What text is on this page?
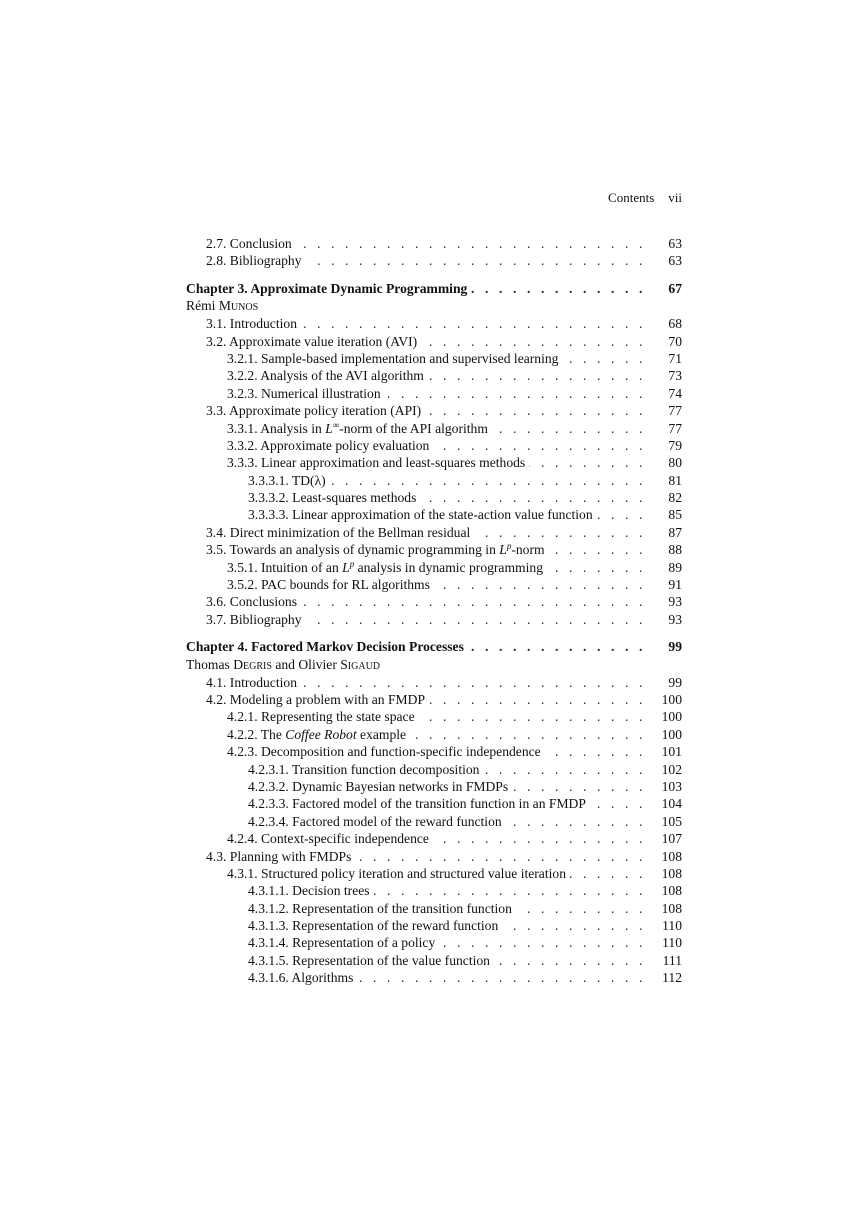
Contents vii
2.7. Conclusion . . .	63
2.8. Bibliography . . .	63
Chapter 3. Approximate Dynamic Programming . . .	67
Rémi Munos
3.1. Introduction . . .	68
3.2. Approximate value iteration (AVI) . . .	70
3.2.1. Sample-based implementation and supervised learning . . .	71
3.2.2. Analysis of the AVI algorithm . . .	73
3.2.3. Numerical illustration . . .	74
3.3. Approximate policy iteration (API) . . .	77
3.3.1. Analysis in L∞-norm of the API algorithm . . .	77
3.3.2. Approximate policy evaluation . . .	79
3.3.3. Linear approximation and least-squares methods . . .	80
3.3.3.1. TD(λ) . . .	81
3.3.3.2. Least-squares methods . . .	82
3.3.3.3. Linear approximation of the state-action value function . . .	85
3.4. Direct minimization of the Bellman residual . . .	87
3.5. Towards an analysis of dynamic programming in $L^p$-norm . . .	88
3.5.1. Intuition of an $L^p$ analysis in dynamic programming . . .	89
3.5.2. PAC bounds for RL algorithms . . .	91
3.6. Conclusions . . .	93
3.7. Bibliography . . .	93
Chapter 4. Factored Markov Decision Processes . . .	99
Thomas Degris and Olivier Sigaud
4.1. Introduction . . .	99
4.2. Modeling a problem with an FMDP . . .	100
4.2.1. Representing the state space . . .	100
4.2.2. The Coffee Robot example . . .	100
4.2.3. Decomposition and function-specific independence . . .	101
4.2.3.1. Transition function decomposition . . .	102
4.2.3.2. Dynamic Bayesian networks in FMDPs . . .	103
4.2.3.3. Factored model of the transition function in an FMDP . . .	104
4.2.3.4. Factored model of the reward function . . .	105
4.2.4. Context-specific independence . . .	107
4.3. Planning with FMDPs . . .	108
4.3.1. Structured policy iteration and structured value iteration . . .	108
4.3.1.1. Decision trees . . .	108
4.3.1.2. Representation of the transition function . . .	108
4.3.1.3. Representation of the reward function . . .	110
4.3.1.4. Representation of a policy . . .	110
4.3.1.5. Representation of the value function . . .	111
4.3.1.6. Algorithms . . .	112
